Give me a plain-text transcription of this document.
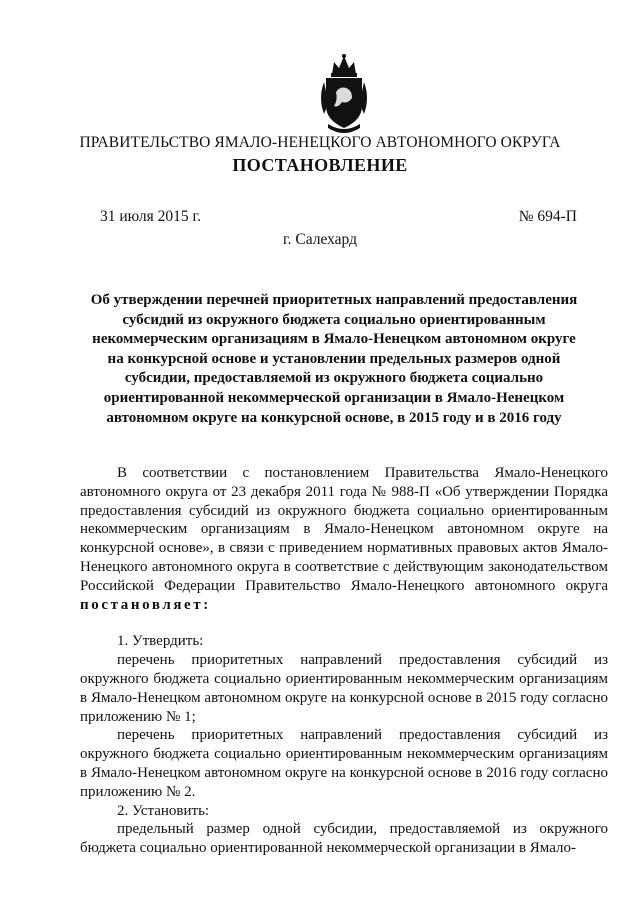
ПРАВИТЕЛЬСТВО ЯМАЛО-НЕНЕЦКОГО АВТОНОМНОГО ОКРУГА
ПОСТАНОВЛЕНИЕ
31 июля 2015 г.	№ 694-П
г. Салехард
Об утверждении перечней приоритетных направлений предоставления субсидий из окружного бюджета социально ориентированным некоммерческим организациям в Ямало-Ненецком автономном округе на конкурсной основе и установлении предельных размеров одной субсидии, предоставляемой из окружного бюджета социально ориентированной некоммерческой организации в Ямало-Ненецком автономном округе на конкурсной основе, в 2015 году и в 2016 году

В соответствии с постановлением Правительства Ямало-Ненецкого автономного округа от 23 декабря 2011 года № 988-П «Об утверждении Порядка предоставления субсидий из окружного бюджета социально ориентированным некоммерческим организациям в Ямало-Ненецком автономном округе на конкурсной основе», в связи с приведением нормативных правовых актов Ямало-Ненецкого автономного округа в соответствие с действующим законодательством Российской Федерации Правительство Ямало-Ненецкого автономного округа постановляет:

1. Утвердить:

перечень приоритетных направлений предоставления субсидий из окружного бюджета социально ориентированным некоммерческим организациям в Ямало-Ненецком автономном округе на конкурсной основе в 2015 году согласно приложению № 1;

перечень приоритетных направлений предоставления субсидий из окружного бюджета социально ориентированным некоммерческим организациям в Ямало-Ненецком автономном округе на конкурсной основе в 2016 году согласно приложению № 2.

2. Установить:

предельный размер одной субсидии, предоставляемой из окружного бюджета социально ориентированной некоммерческой организации в Ямало-
